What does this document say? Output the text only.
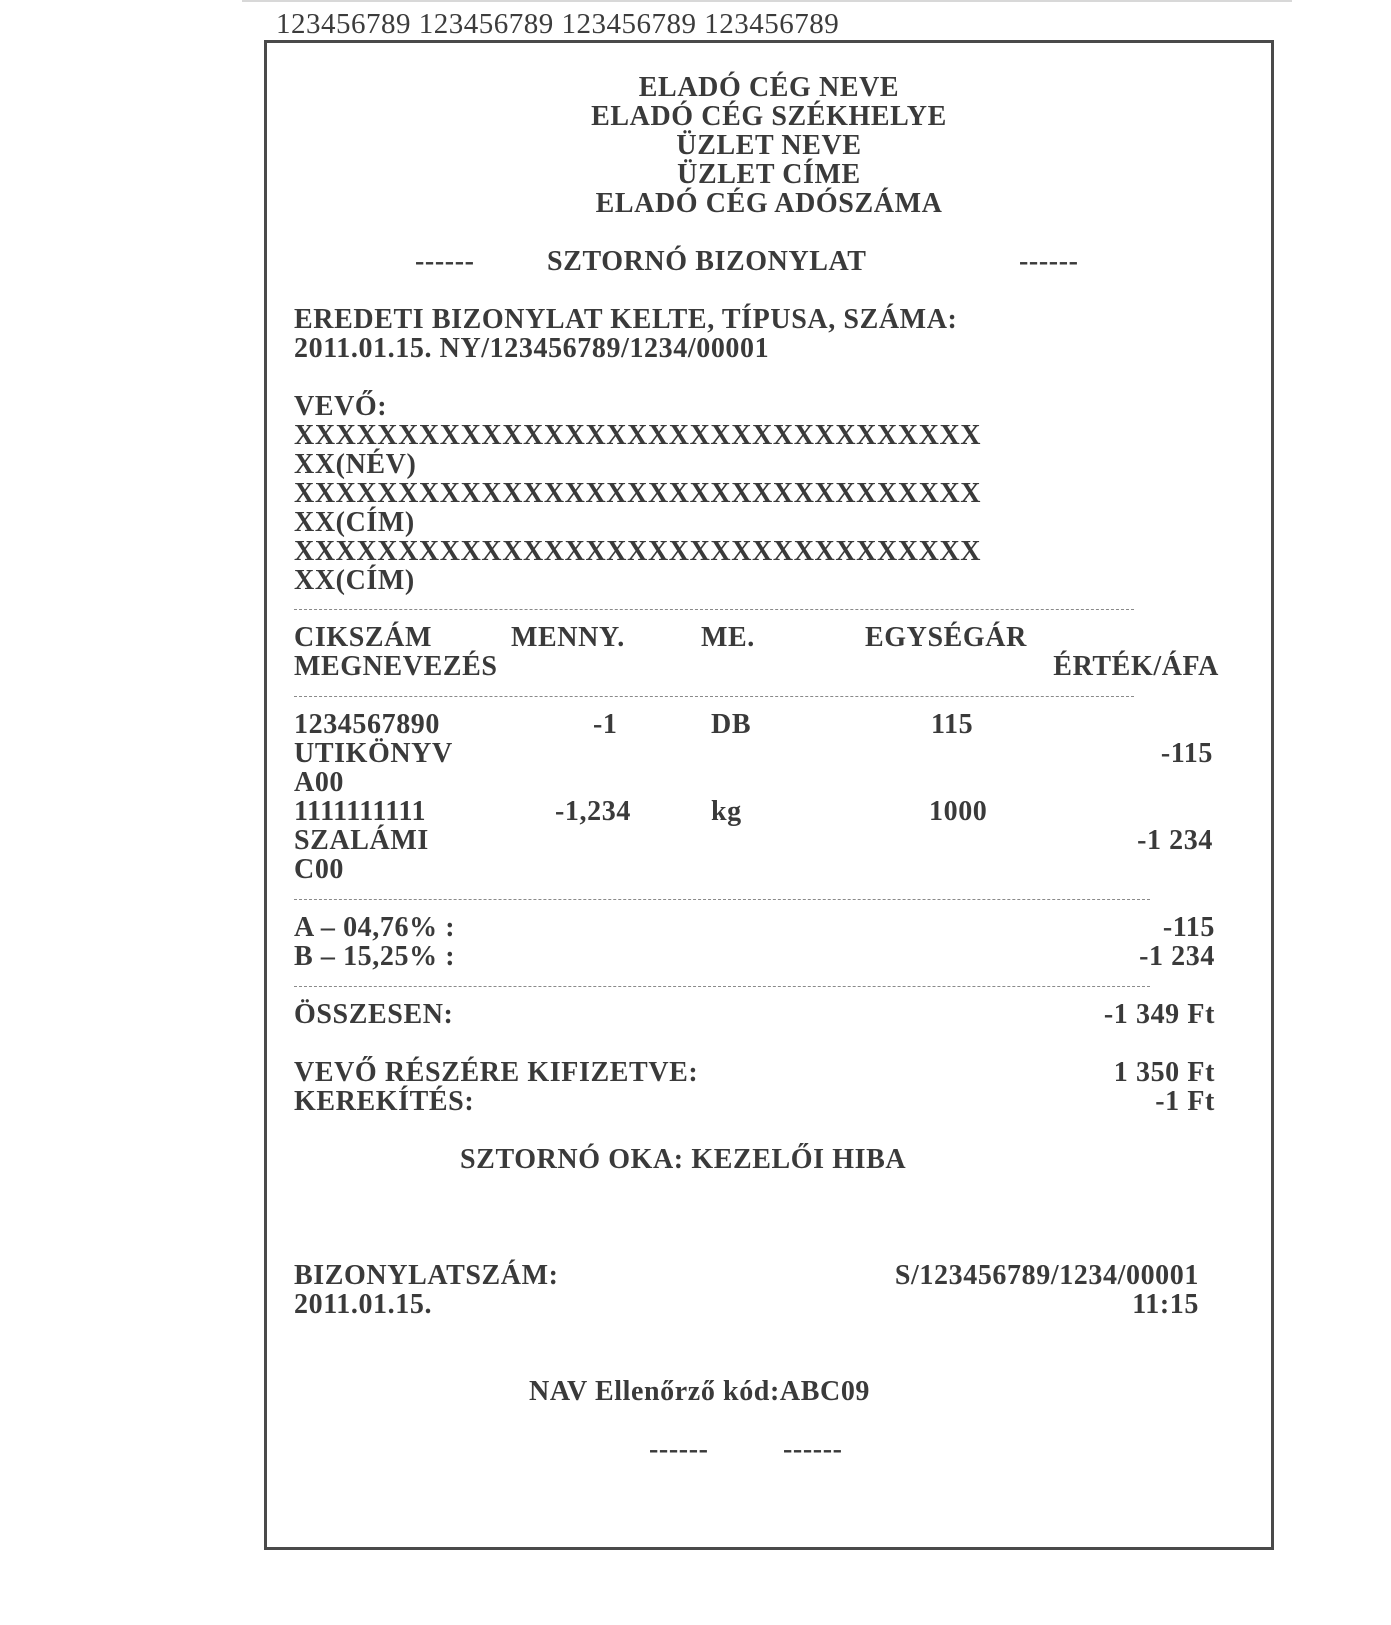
123456789 123456789 123456789 123456789
ELADÓ CÉG NEVE
ELADÓ CÉG SZÉKHELYE
ÜZLET NEVE
ÜZLET CÍME
ELADÓ CÉG ADÓSZÁMA
------	SZTORNÓ BIZONYLAT	------
EREDETI BIZONYLAT KELTE, TÍPUSA, SZÁMA:
2011.01.15. NY/123456789/1234/00001
VEVŐ:
XXXXXXXXXXXXXXXXXXXXXXXXXXXXXXXXX
XX(NÉV)
XXXXXXXXXXXXXXXXXXXXXXXXXXXXXXXXX
XX(CÍM)
XXXXXXXXXXXXXXXXXXXXXXXXXXXXXXXXX
XX(CÍM)
CIKSZÁM	MENNY.	ME.	EGYSÉGÁR
MEGNEVEZÉS	ÉRTÉK/ÁFA
1234567890	-1	DB	115
UTIKÖNYV	-115
A00
1111111111	-1,234	kg	1000
SZALÁMI	-1 234
C00
A – 04,76% :	-115
B – 15,25% :	-1 234
ÖSSZESEN:	-1 349 Ft
VEVŐ RÉSZÉRE KIFIZETVE:	1 350 Ft
KEREKÍTÉS:	-1 Ft
SZTORNÓ OKA: KEZELŐI HIBA
BIZONYLATSZÁM:	S/123456789/1234/00001
2011.01.15.	11:15
NAV Ellenőrző kód:ABC09
------	------
